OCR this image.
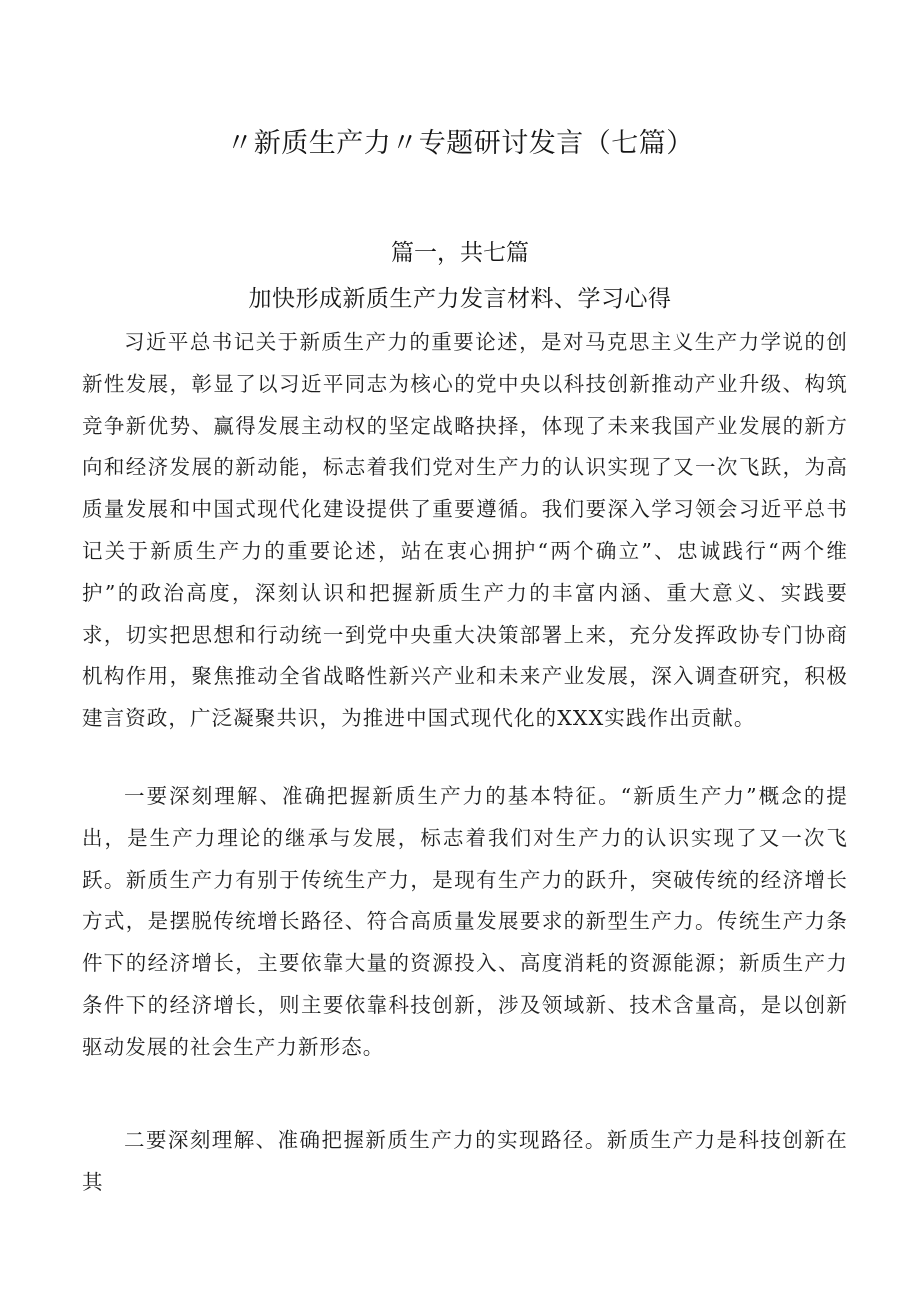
〃新质生产力〃专题研讨发言（七篇）
篇一，共七篇
加快形成新质生产力发言材料、学习心得

习近平总书记关于新质生产力的重要论述，是对马克思主义生产力学说的创新性发展，彰显了以习近平同志为核心的党中央以科技创新推动产业升级、构筑竞争新优势、赢得发展主动权的坚定战略抉择，体现了未来我国产业发展的新方向和经济发展的新动能，标志着我们党对生产力的认识实现了又一次飞跃，为高质量发展和中国式现代化建设提供了重要遵循。我们要深入学习领会习近平总书记关于新质生产力的重要论述，站在衷心拥护“两个确立”、忠诚践行“两个维护”的政治高度，深刻认识和把握新质生产力的丰富内涵、重大意义、实践要求，切实把思想和行动统一到党中央重大决策部署上来，充分发挥政协专门协商机构作用，聚焦推动全省战略性新兴产业和未来产业发展，深入调查研究，积极建言资政，广泛凝聚共识，为推进中国式现代化的XXX实践作出贡献。

一要深刻理解、准确把握新质生产力的基本特征。“新质生产力”概念的提出，是生产力理论的继承与发展，标志着我们对生产力的认识实现了又一次飞跃。新质生产力有别于传统生产力，是现有生产力的跃升，突破传统的经济增长方式，是摆脱传统增长路径、符合高质量发展要求的新型生产力。传统生产力条件下的经济增长，主要依靠大量的资源投入、高度消耗的资源能源；新质生产力条件下的经济增长，则主要依靠科技创新，涉及领域新、技术含量高，是以创新驱动发展的社会生产力新形态。

二要深刻理解、准确把握新质生产力的实现路径。新质生产力是科技创新在其
